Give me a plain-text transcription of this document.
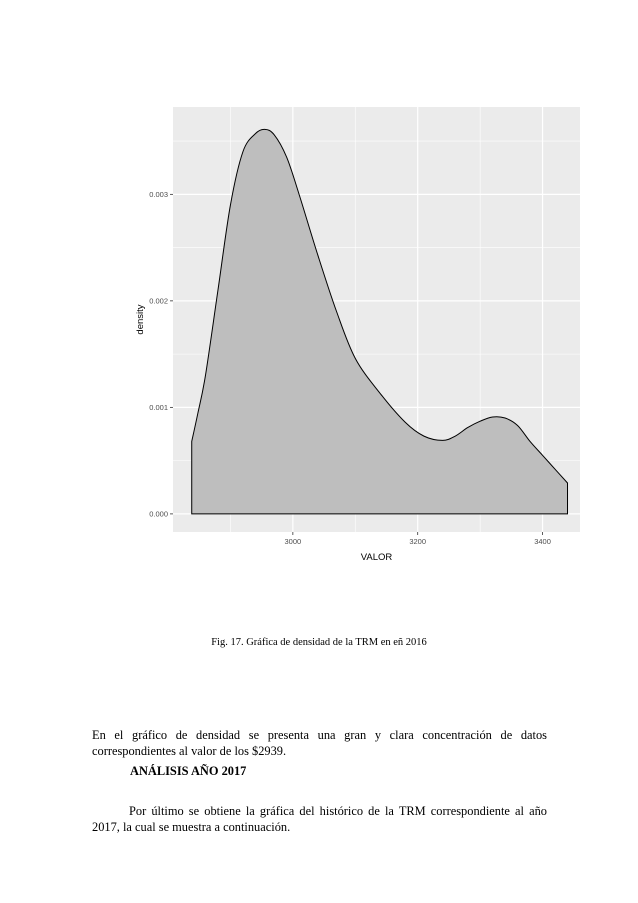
3000	3200	3400
0.000
0.001
0.002
0.003
VALOR
density
Fig. 17. Gráfica de densidad de la TRM en eñ 2016
En el gráfico de densidad se presenta una gran y clara concentración de datos correspondientes al valor de los $2939.
ANÁLISIS AÑO 2017
Por último se obtiene la gráfica del histórico de la TRM correspondiente al año 2017, la cual se muestra a continuación.
